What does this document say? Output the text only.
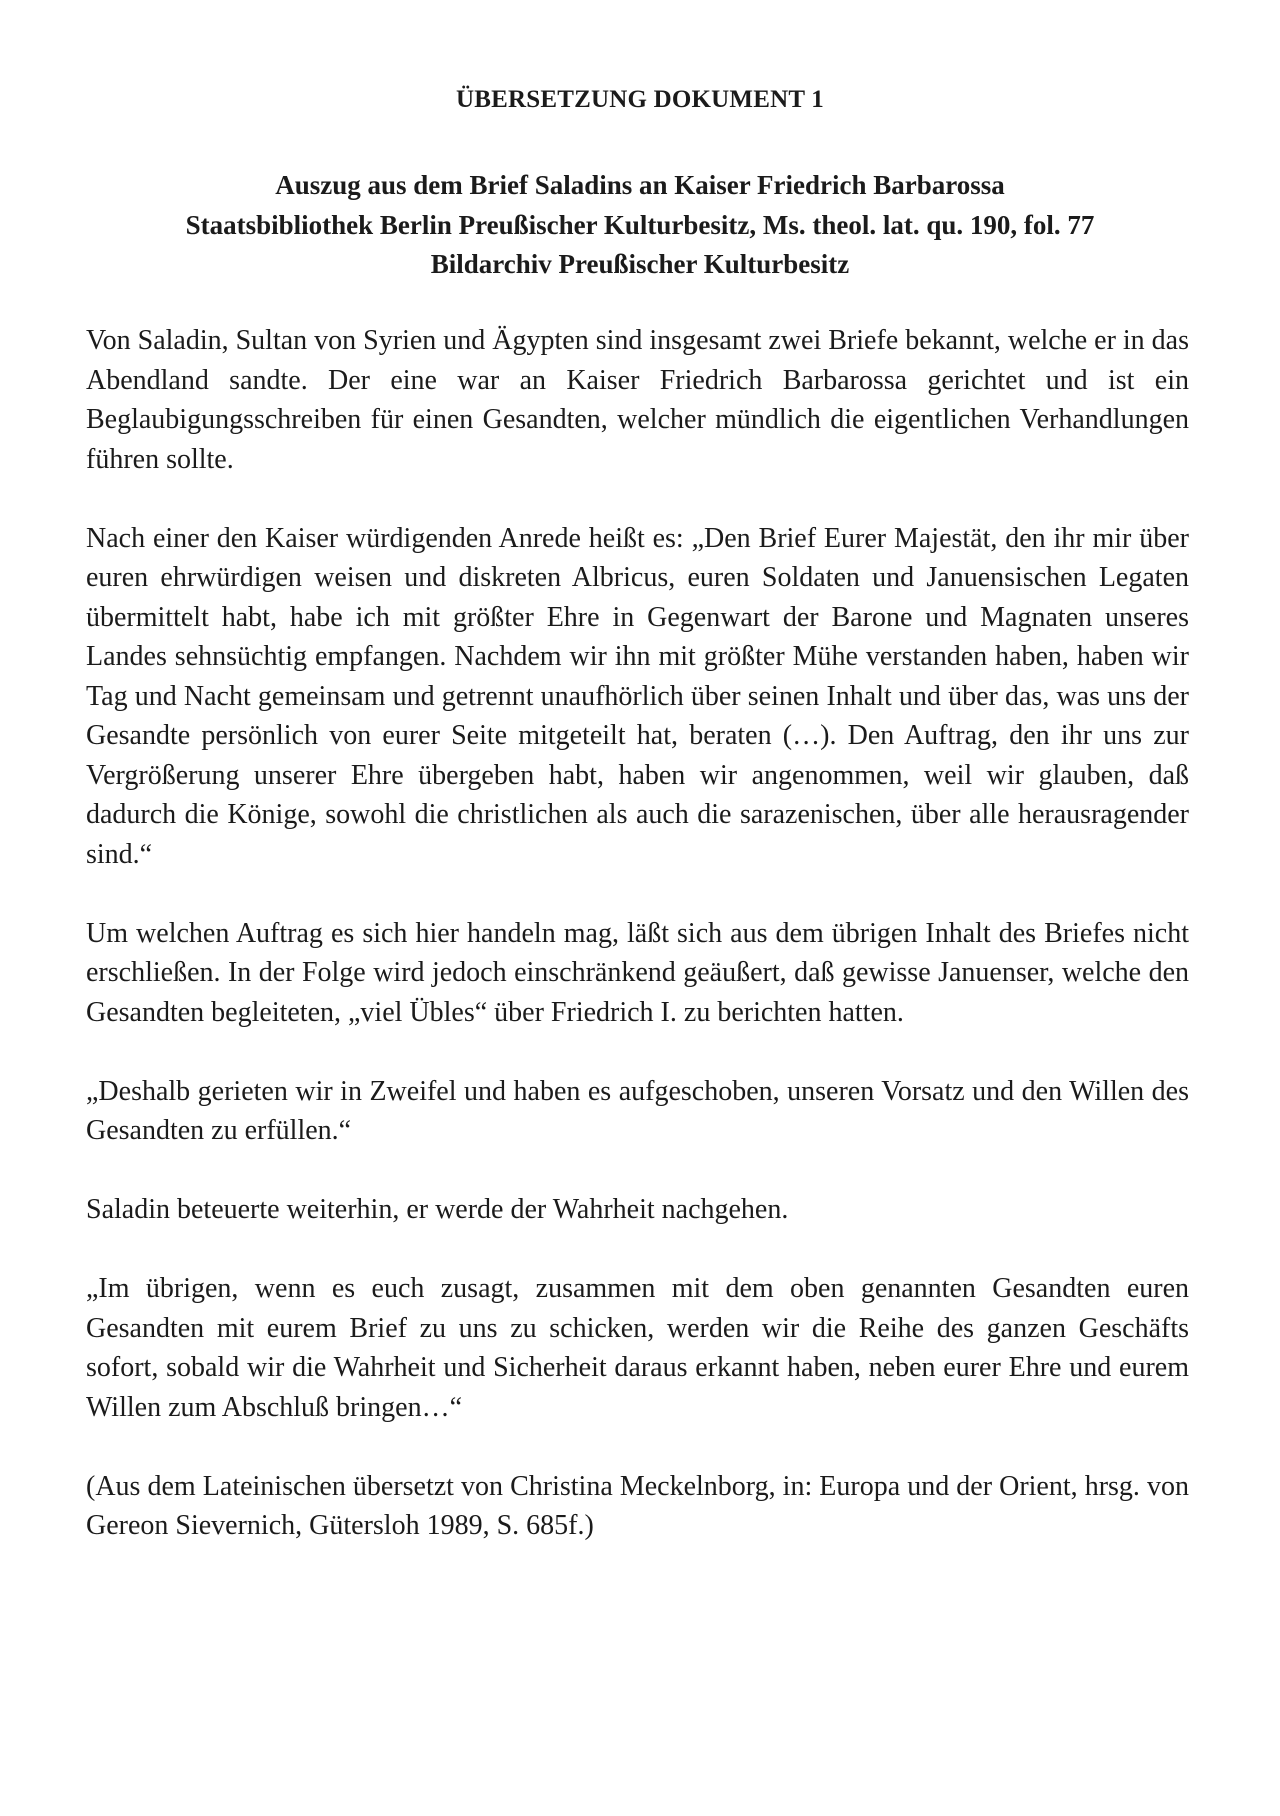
ÜBERSETZUNG DOKUMENT 1
Auszug aus dem Brief Saladins an Kaiser Friedrich Barbarossa
Staatsbibliothek Berlin Preußischer Kulturbesitz, Ms. theol. lat. qu. 190, fol. 77
Bildarchiv Preußischer Kulturbesitz

Von Saladin, Sultan von Syrien und Ägypten sind insgesamt zwei Briefe bekannt, welche er in das Abendland sandte. Der eine war an Kaiser Friedrich Barbarossa gerichtet und ist ein Beglaubigungsschreiben für einen Gesandten, welcher mündlich die eigentlichen Verhandlungen führen sollte.

Nach einer den Kaiser würdigenden Anrede heißt es: „Den Brief Eurer Majestät, den ihr mir über euren ehrwürdigen weisen und diskreten Albricus, euren Soldaten und Januensischen Legaten übermittelt habt, habe ich mit größter Ehre in Gegenwart der Barone und Magnaten unseres Landes sehnsüchtig empfangen. Nachdem wir ihn mit größter Mühe verstanden haben, haben wir Tag und Nacht gemeinsam und getrennt unaufhörlich über seinen Inhalt und über das, was uns der Gesandte persönlich von eurer Seite mitgeteilt hat, beraten (…). Den Auftrag, den ihr uns zur Vergrößerung unserer Ehre übergeben habt, haben wir angenommen, weil wir glauben, daß dadurch die Könige, sowohl die christlichen als auch die sarazenischen, über alle herausragender sind.“

Um welchen Auftrag es sich hier handeln mag, läßt sich aus dem übrigen Inhalt des Briefes nicht erschließen. In der Folge wird jedoch einschränkend geäußert, daß gewisse Januenser, welche den Gesandten begleiteten, „viel Übles“ über Friedrich I. zu berichten hatten.

„Deshalb gerieten wir in Zweifel und haben es aufgeschoben, unseren Vorsatz und den Willen des Gesandten zu erfüllen.“

Saladin beteuerte weiterhin, er werde der Wahrheit nachgehen.

„Im übrigen, wenn es euch zusagt, zusammen mit dem oben genannten Gesandten euren Gesandten mit eurem Brief zu uns zu schicken, werden wir die Reihe des ganzen Geschäfts sofort, sobald wir die Wahrheit und Sicherheit daraus erkannt haben, neben eurer Ehre und eurem Willen zum Abschluß bringen…“

(Aus dem Lateinischen übersetzt von Christina Meckelnborg, in: Europa und der Orient, hrsg. von Gereon Sievernich, Gütersloh 1989, S. 685f.)
